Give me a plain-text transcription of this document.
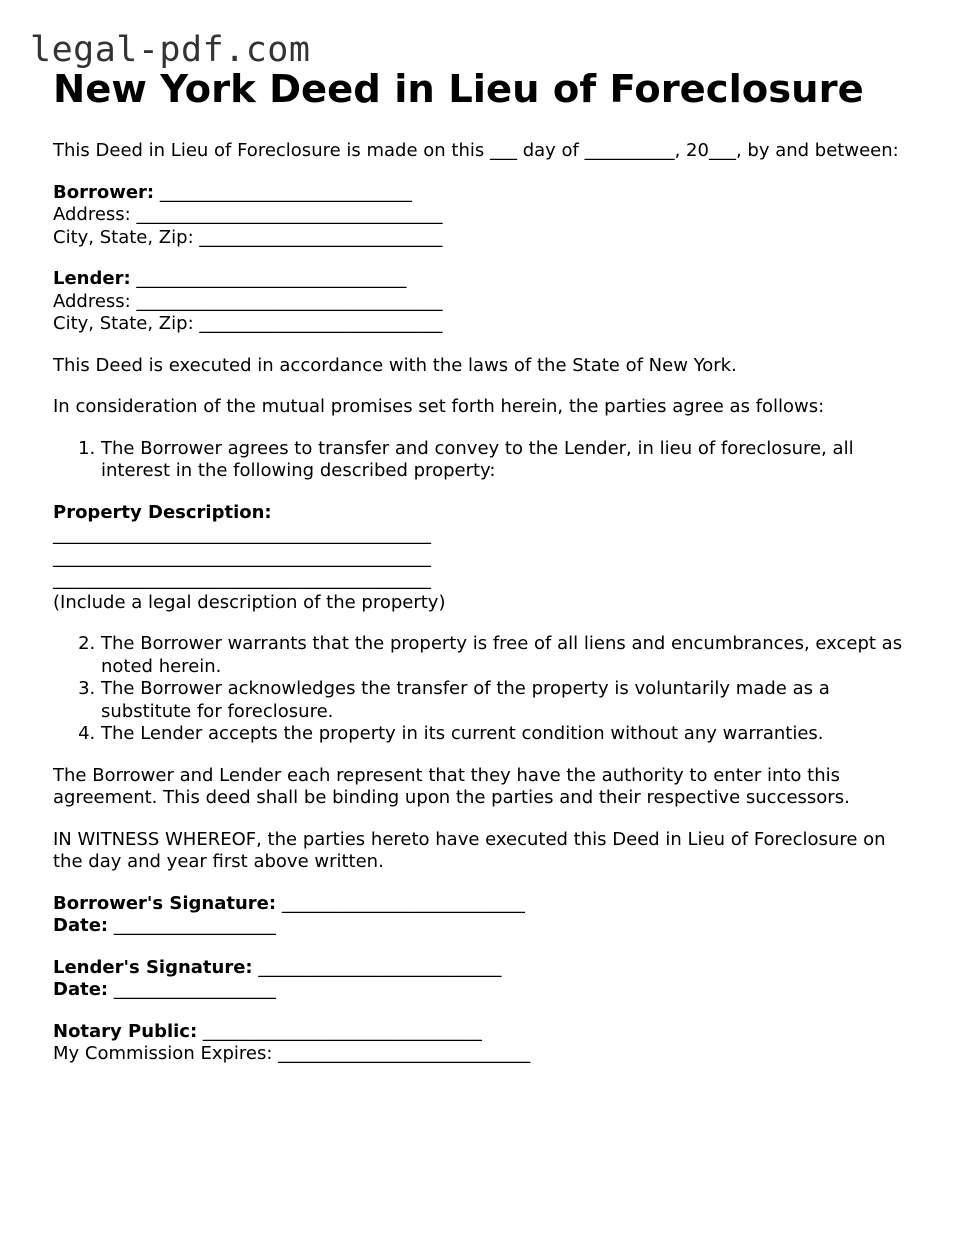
legal-pdf.com
New York Deed in Lieu of Foreclosure

This Deed in Lieu of Foreclosure is made on this ___ day of __________, 20___, by and between:

Borrower: ____________________________
Address: __________________________________
City, State, Zip: ___________________________
Lender: ______________________________
Address: __________________________________
City, State, Zip: ___________________________

This Deed is executed in accordance with the laws of the State of New York.

In consideration of the mutual promises set forth herein, the parties agree as follows:

1. The Borrower agrees to transfer and convey to the Lender, in lieu of foreclosure, all interest in the following described property:
Property Description:
__________________________________________
__________________________________________
__________________________________________
(Include a legal description of the property)
2. The Borrower warrants that the property is free of all liens and encumbrances, except as noted herein.
3. The Borrower acknowledges the transfer of the property is voluntarily made as a substitute for foreclosure.
4. The Lender accepts the property in its current condition without any warranties.

The Borrower and Lender each represent that they have the authority to enter into this agreement. This deed shall be binding upon the parties and their respective successors.

IN WITNESS WHEREOF, the parties hereto have executed this Deed in Lieu of Foreclosure on the day and year first above written.

Borrower's Signature: ___________________________
Date: __________________
Lender's Signature: ___________________________
Date: __________________
Notary Public: _______________________________
My Commission Expires: ____________________________
